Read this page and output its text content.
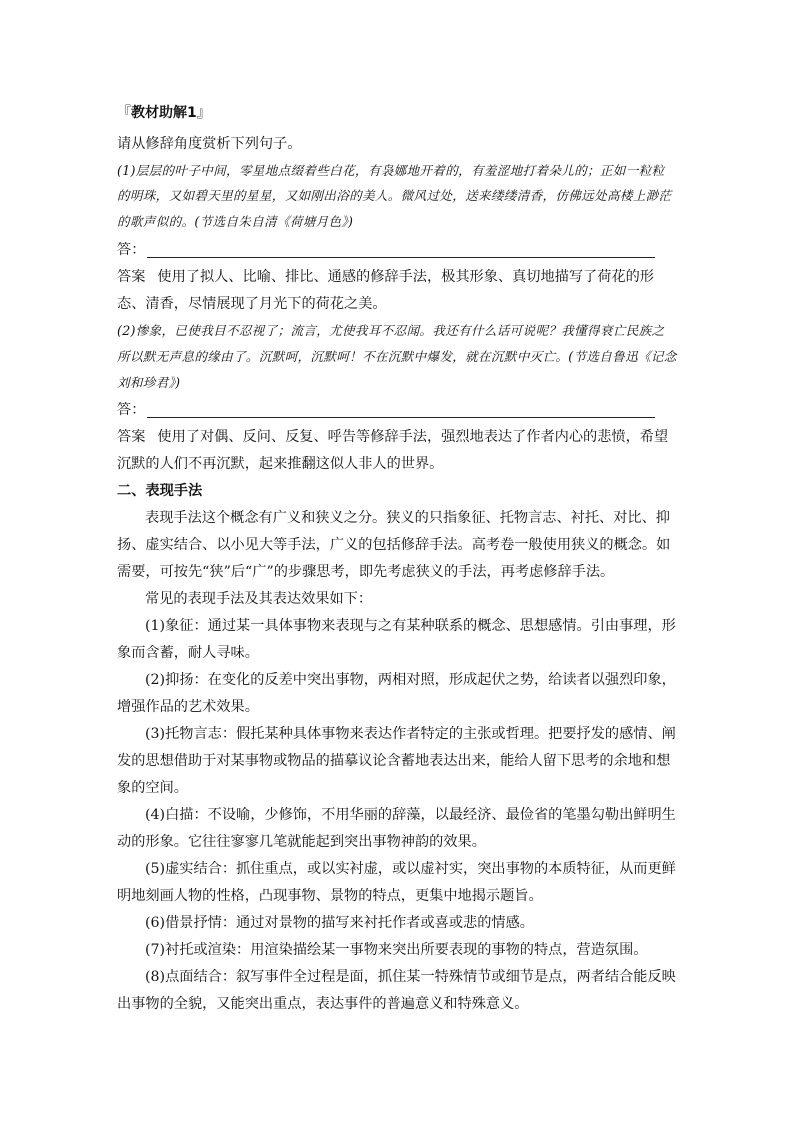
『教材助解1』

请从修辞角度赏析下列句子。

(1)层层的叶子中间，零星地点缀着些白花，有袅娜地开着的，有羞涩地打着朵儿的；正如一粒粒的明珠，又如碧天里的星星，又如刚出浴的美人。微风过处，送来缕缕清香，仿佛远处高楼上渺茫的歌声似的。(节选自朱自清《荷塘月色》)

答：

答案 使用了拟人、比喻、排比、通感的修辞手法，极其形象、真切地描写了荷花的形态、清香，尽情展现了月光下的荷花之美。

(2)惨象，已使我目不忍视了；流言，尤使我耳不忍闻。我还有什么话可说呢？我懂得衰亡民族之所以默无声息的缘由了。沉默呵，沉默呵！不在沉默中爆发，就在沉默中灭亡。(节选自鲁迅《记念刘和珍君》)

答：

答案 使用了对偶、反问、反复、呼告等修辞手法，强烈地表达了作者内心的悲愤，希望沉默的人们不再沉默，起来推翻这似人非人的世界。

二、表现手法

表现手法这个概念有广义和狭义之分。狭义的只指象征、托物言志、衬托、对比、抑扬、虚实结合、以小见大等手法，广义的包括修辞手法。高考卷一般使用狭义的概念。如需要，可按先“狭”后“广”的步骤思考，即先考虑狭义的手法，再考虑修辞手法。

常见的表现手法及其表达效果如下：

(1)象征：通过某一具体事物来表现与之有某种联系的概念、思想感情。引由事理，形象而含蓄，耐人寻味。

(2)抑扬：在变化的反差中突出事物，两相对照，形成起伏之势，给读者以强烈印象，增强作品的艺术效果。

(3)托物言志：假托某种具体事物来表达作者特定的主张或哲理。把要抒发的感情、阐发的思想借助于对某事物或物品的描摹议论含蓄地表达出来，能给人留下思考的余地和想象的空间。

(4)白描：不设喻，少修饰，不用华丽的辞藻，以最经济、最俭省的笔墨勾勒出鲜明生动的形象。它往往寥寥几笔就能起到突出事物神韵的效果。

(5)虚实结合：抓住重点，或以实衬虚，或以虚衬实，突出事物的本质特征，从而更鲜明地刻画人物的性格，凸现事物、景物的特点，更集中地揭示题旨。

(6)借景抒情：通过对景物的描写来衬托作者或喜或悲的情感。

(7)衬托或渲染：用渲染描绘某一事物来突出所要表现的事物的特点，营造氛围。

(8)点面结合：叙写事件全过程是面，抓住某一特殊情节或细节是点，两者结合能反映出事物的全貌，又能突出重点，表达事件的普遍意义和特殊意义。
